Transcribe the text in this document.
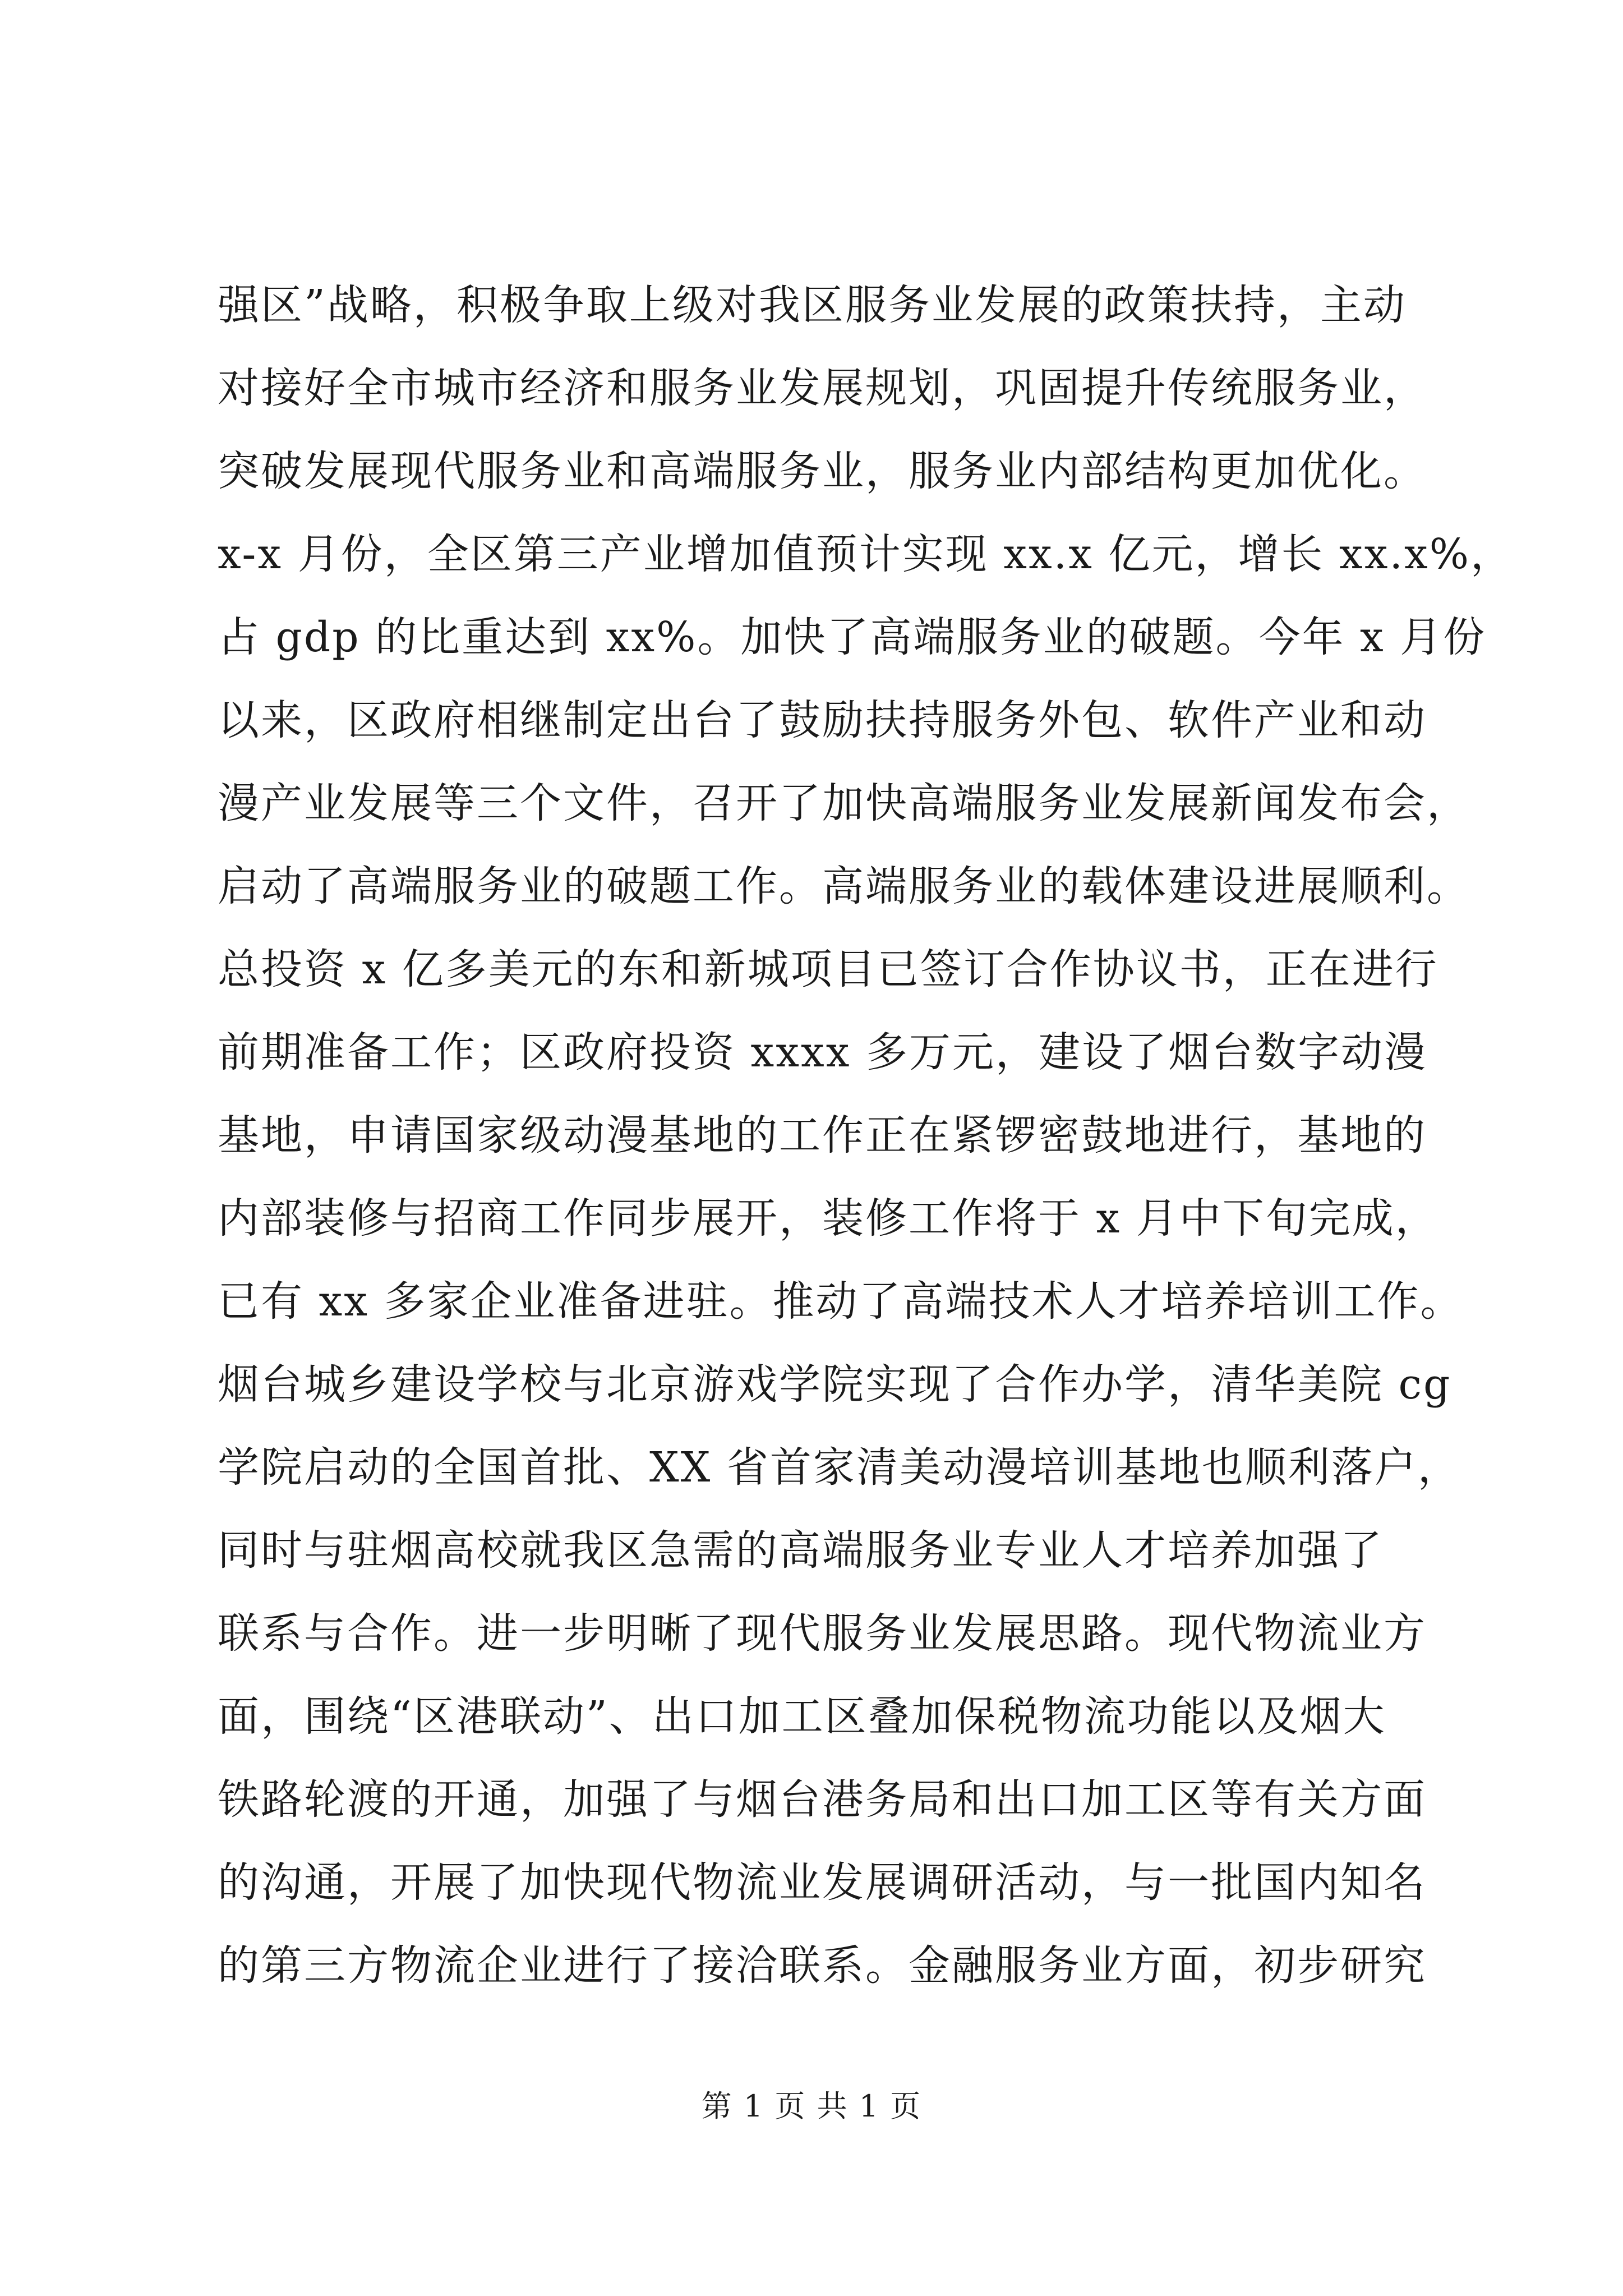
强区”战略，积极争取上级对我区服务业发展的政策扶持，主动
对接好全市城市经济和服务业发展规划，巩固提升传统服务业，
突破发展现代服务业和高端服务业，服务业内部结构更加优化。
x-x 月份，全区第三产业增加值预计实现 xx.x 亿元，增长 xx.x%，
占 gdp 的比重达到 xx%。加快了高端服务业的破题。今年 x 月份
以来，区政府相继制定出台了鼓励扶持服务外包、软件产业和动
漫产业发展等三个文件，召开了加快高端服务业发展新闻发布会，
启动了高端服务业的破题工作。高端服务业的载体建设进展顺利。
总投资 x 亿多美元的东和新城项目已签订合作协议书，正在进行
前期准备工作；区政府投资 xxxx 多万元，建设了烟台数字动漫
基地，申请国家级动漫基地的工作正在紧锣密鼓地进行，基地的
内部装修与招商工作同步展开，装修工作将于 x 月中下旬完成，
已有 xx 多家企业准备进驻。推动了高端技术人才培养培训工作。
烟台城乡建设学校与北京游戏学院实现了合作办学，清华美院 cg
学院启动的全国首批、XX 省首家清美动漫培训基地也顺利落户，
同时与驻烟高校就我区急需的高端服务业专业人才培养加强了
联系与合作。进一步明晰了现代服务业发展思路。现代物流业方
面，围绕“区港联动”、出口加工区叠加保税物流功能以及烟大
铁路轮渡的开通，加强了与烟台港务局和出口加工区等有关方面
的沟通，开展了加快现代物流业发展调研活动，与一批国内知名
的第三方物流企业进行了接洽联系。金融服务业方面，初步研究
第 1 页 共 1 页
